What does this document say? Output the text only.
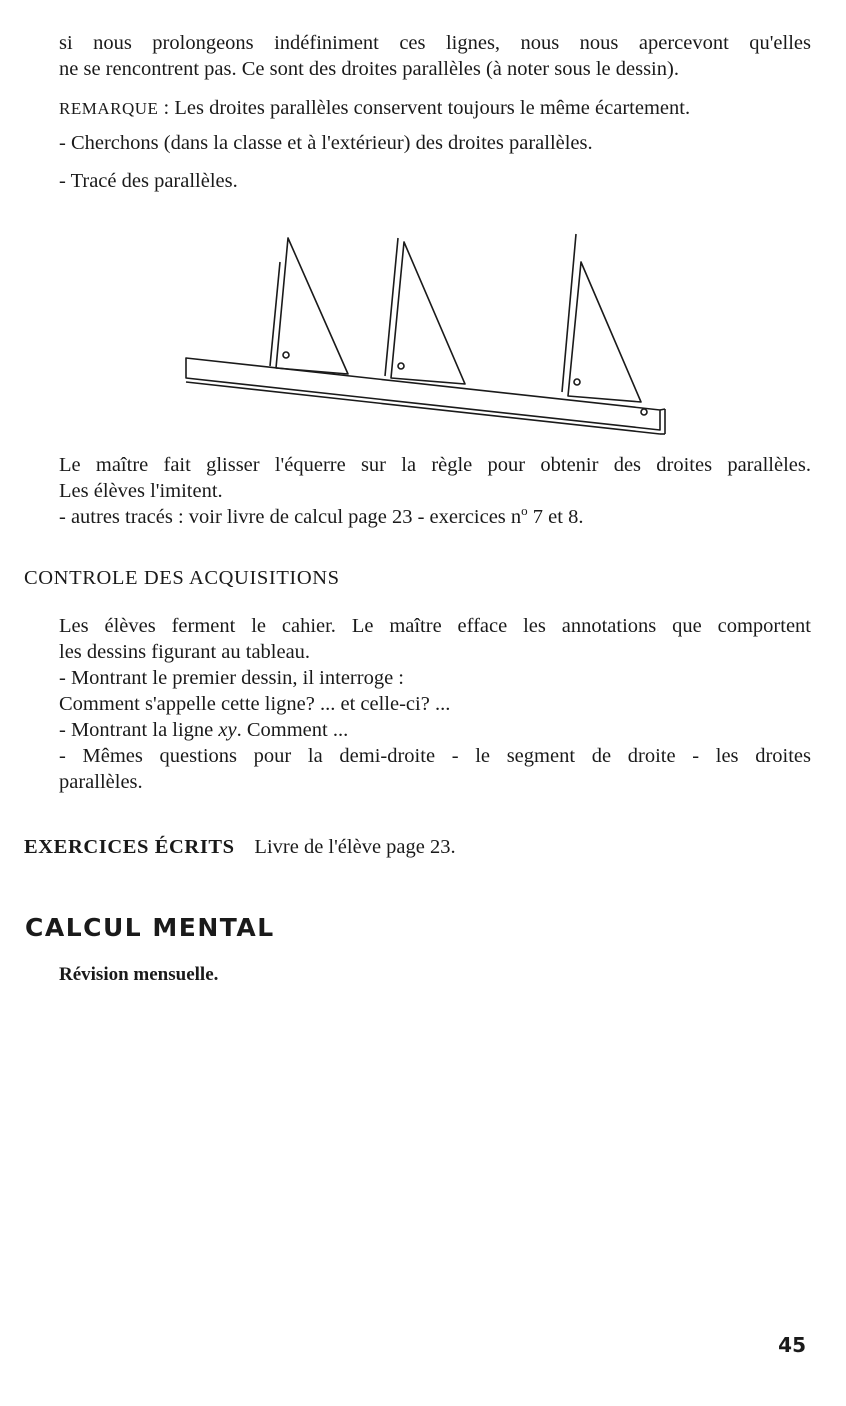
si nous prolongeons indéfiniment ces lignes, nous nous apercevont qu'elles
ne se rencontrent pas. Ce sont des droites parallèles (à noter sous le dessin).

REMARQUE : Les droites parallèles conservent toujours le même écartement.

- Cherchons (dans la classe et à l'extérieur) des droites parallèles.

- Tracé des parallèles.

Le maître fait glisser l'équerre sur la règle pour obtenir des droites parallèles.
Les élèves l'imitent.
- autres tracés : voir livre de calcul page 23 - exercices $n^o$ 7 et 8.

CONTROLE DES ACQUISITIONS

Les élèves ferment le cahier. Le maître efface les annotations que comportent
les dessins figurant au tableau.
- Montrant le premier dessin, il interroge :
Comment s'appelle cette ligne? ... et celle-ci? ...
- Montrant la ligne xy. Comment ...
- Mêmes questions pour la demi-droite - le segment de droite - les droites
parallèles.

EXERCICES ÉCRITS Livre de l'élève page 23.

CALCUL MENTAL

Révision mensuelle.

45
